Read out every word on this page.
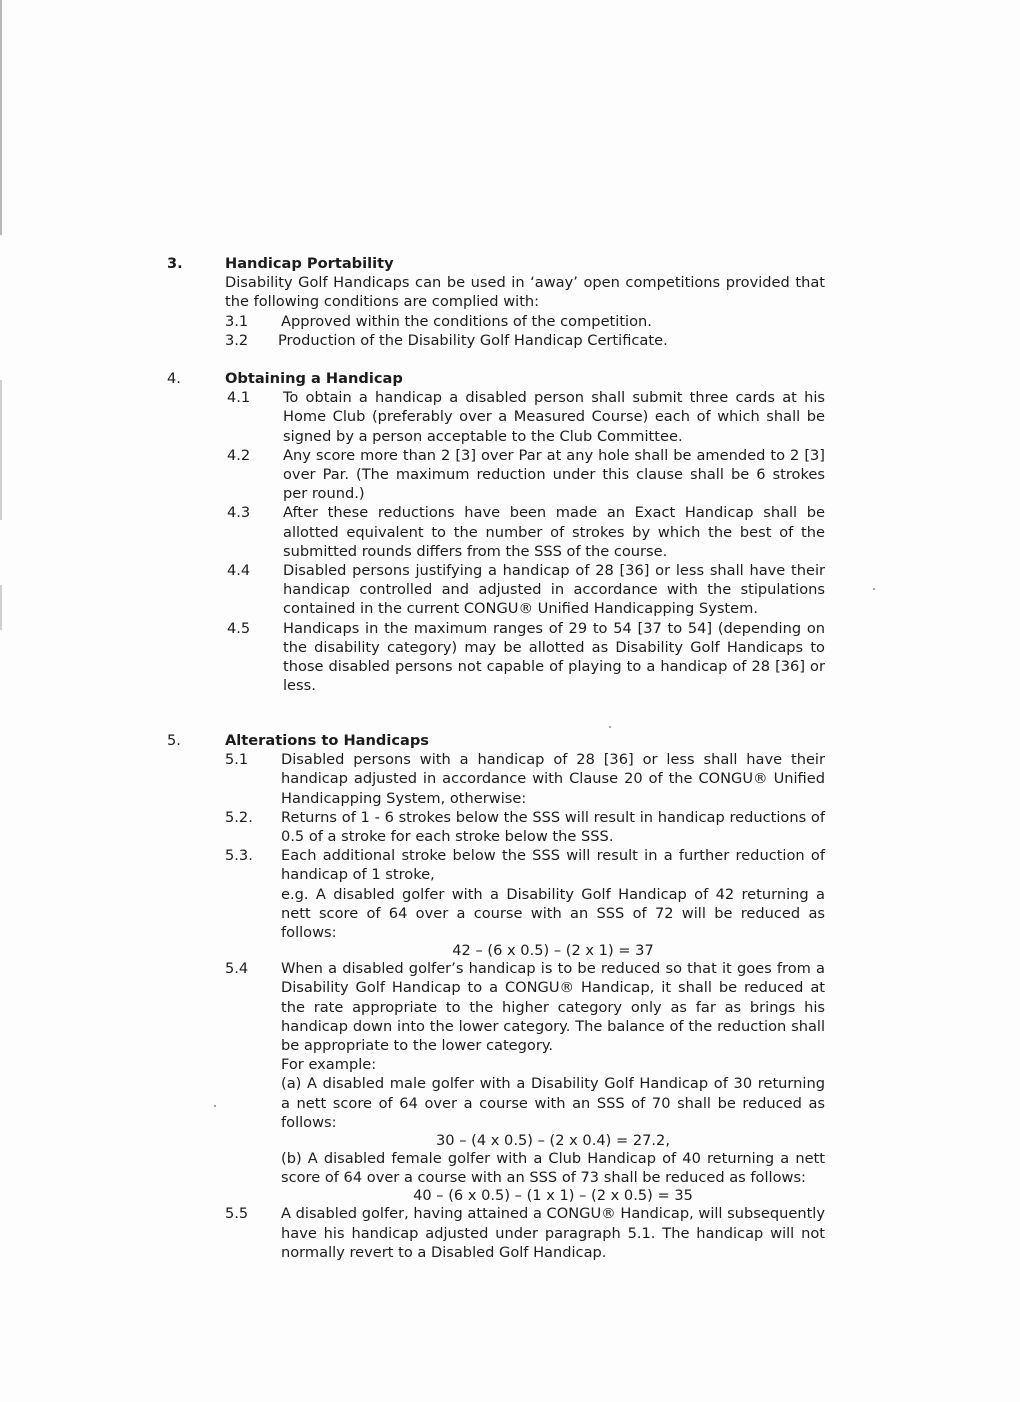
3.	Handicap Portability
Disability Golf Handicaps can be used in ‘away’ open competitions provided that the following conditions are complied with:
3.1 Approved within the conditions of the competition.
3.2 Production of the Disability Golf Handicap Certificate.
4.	Obtaining a Handicap
4.1 To obtain a handicap a disabled person shall submit three cards at his Home Club (preferably over a Measured Course) each of which shall be signed by a person acceptable to the Club Committee.
4.2 Any score more than 2 [3] over Par at any hole shall be amended to 2 [3] over Par. (The maximum reduction under this clause shall be 6 strokes per round.)
4.3 After these reductions have been made an Exact Handicap shall be allotted equivalent to the number of strokes by which the best of the submitted rounds differs from the SSS of the course.
4.4 Disabled persons justifying a handicap of 28 [36] or less shall have their handicap controlled and adjusted in accordance with the stipulations contained in the current CONGU® Unified Handicapping System.
4.5 Handicaps in the maximum ranges of 29 to 54 [37 to 54] (depending on the disability category) may be allotted as Disability Golf Handicaps to those disabled persons not capable of playing to a handicap of 28 [36] or less.
5.	Alterations to Handicaps
5.1 Disabled persons with a handicap of 28 [36] or less shall have their handicap adjusted in accordance with Clause 20 of the CONGU® Unified Handicapping System, otherwise:
5.2. Returns of 1 - 6 strokes below the SSS will result in handicap reductions of 0.5 of a stroke for each stroke below the SSS.
5.3. Each additional stroke below the SSS will result in a further reduction of handicap of 1 stroke,
e.g. A disabled golfer with a Disability Golf Handicap of 42 returning a nett score of 64 over a course with an SSS of 72 will be reduced as follows:
42 – (6 x 0.5) – (2 x 1) = 37
5.4 When a disabled golfer’s handicap is to be reduced so that it goes from a Disability Golf Handicap to a CONGU® Handicap, it shall be reduced at the rate appropriate to the higher category only as far as brings his handicap down into the lower category. The balance of the reduction shall be appropriate to the lower category.
For example:
(a) A disabled male golfer with a Disability Golf Handicap of 30 returning a nett score of 64 over a course with an SSS of 70 shall be reduced as follows:
30 – (4 x 0.5) – (2 x 0.4) = 27.2,
(b) A disabled female golfer with a Club Handicap of 40 returning a nett score of 64 over a course with an SSS of 73 shall be reduced as follows:
40 – (6 x 0.5) – (1 x 1) – (2 x 0.5) = 35
5.5 A disabled golfer, having attained a CONGU® Handicap, will subsequently have his handicap adjusted under paragraph 5.1. The handicap will not normally revert to a Disabled Golf Handicap.
